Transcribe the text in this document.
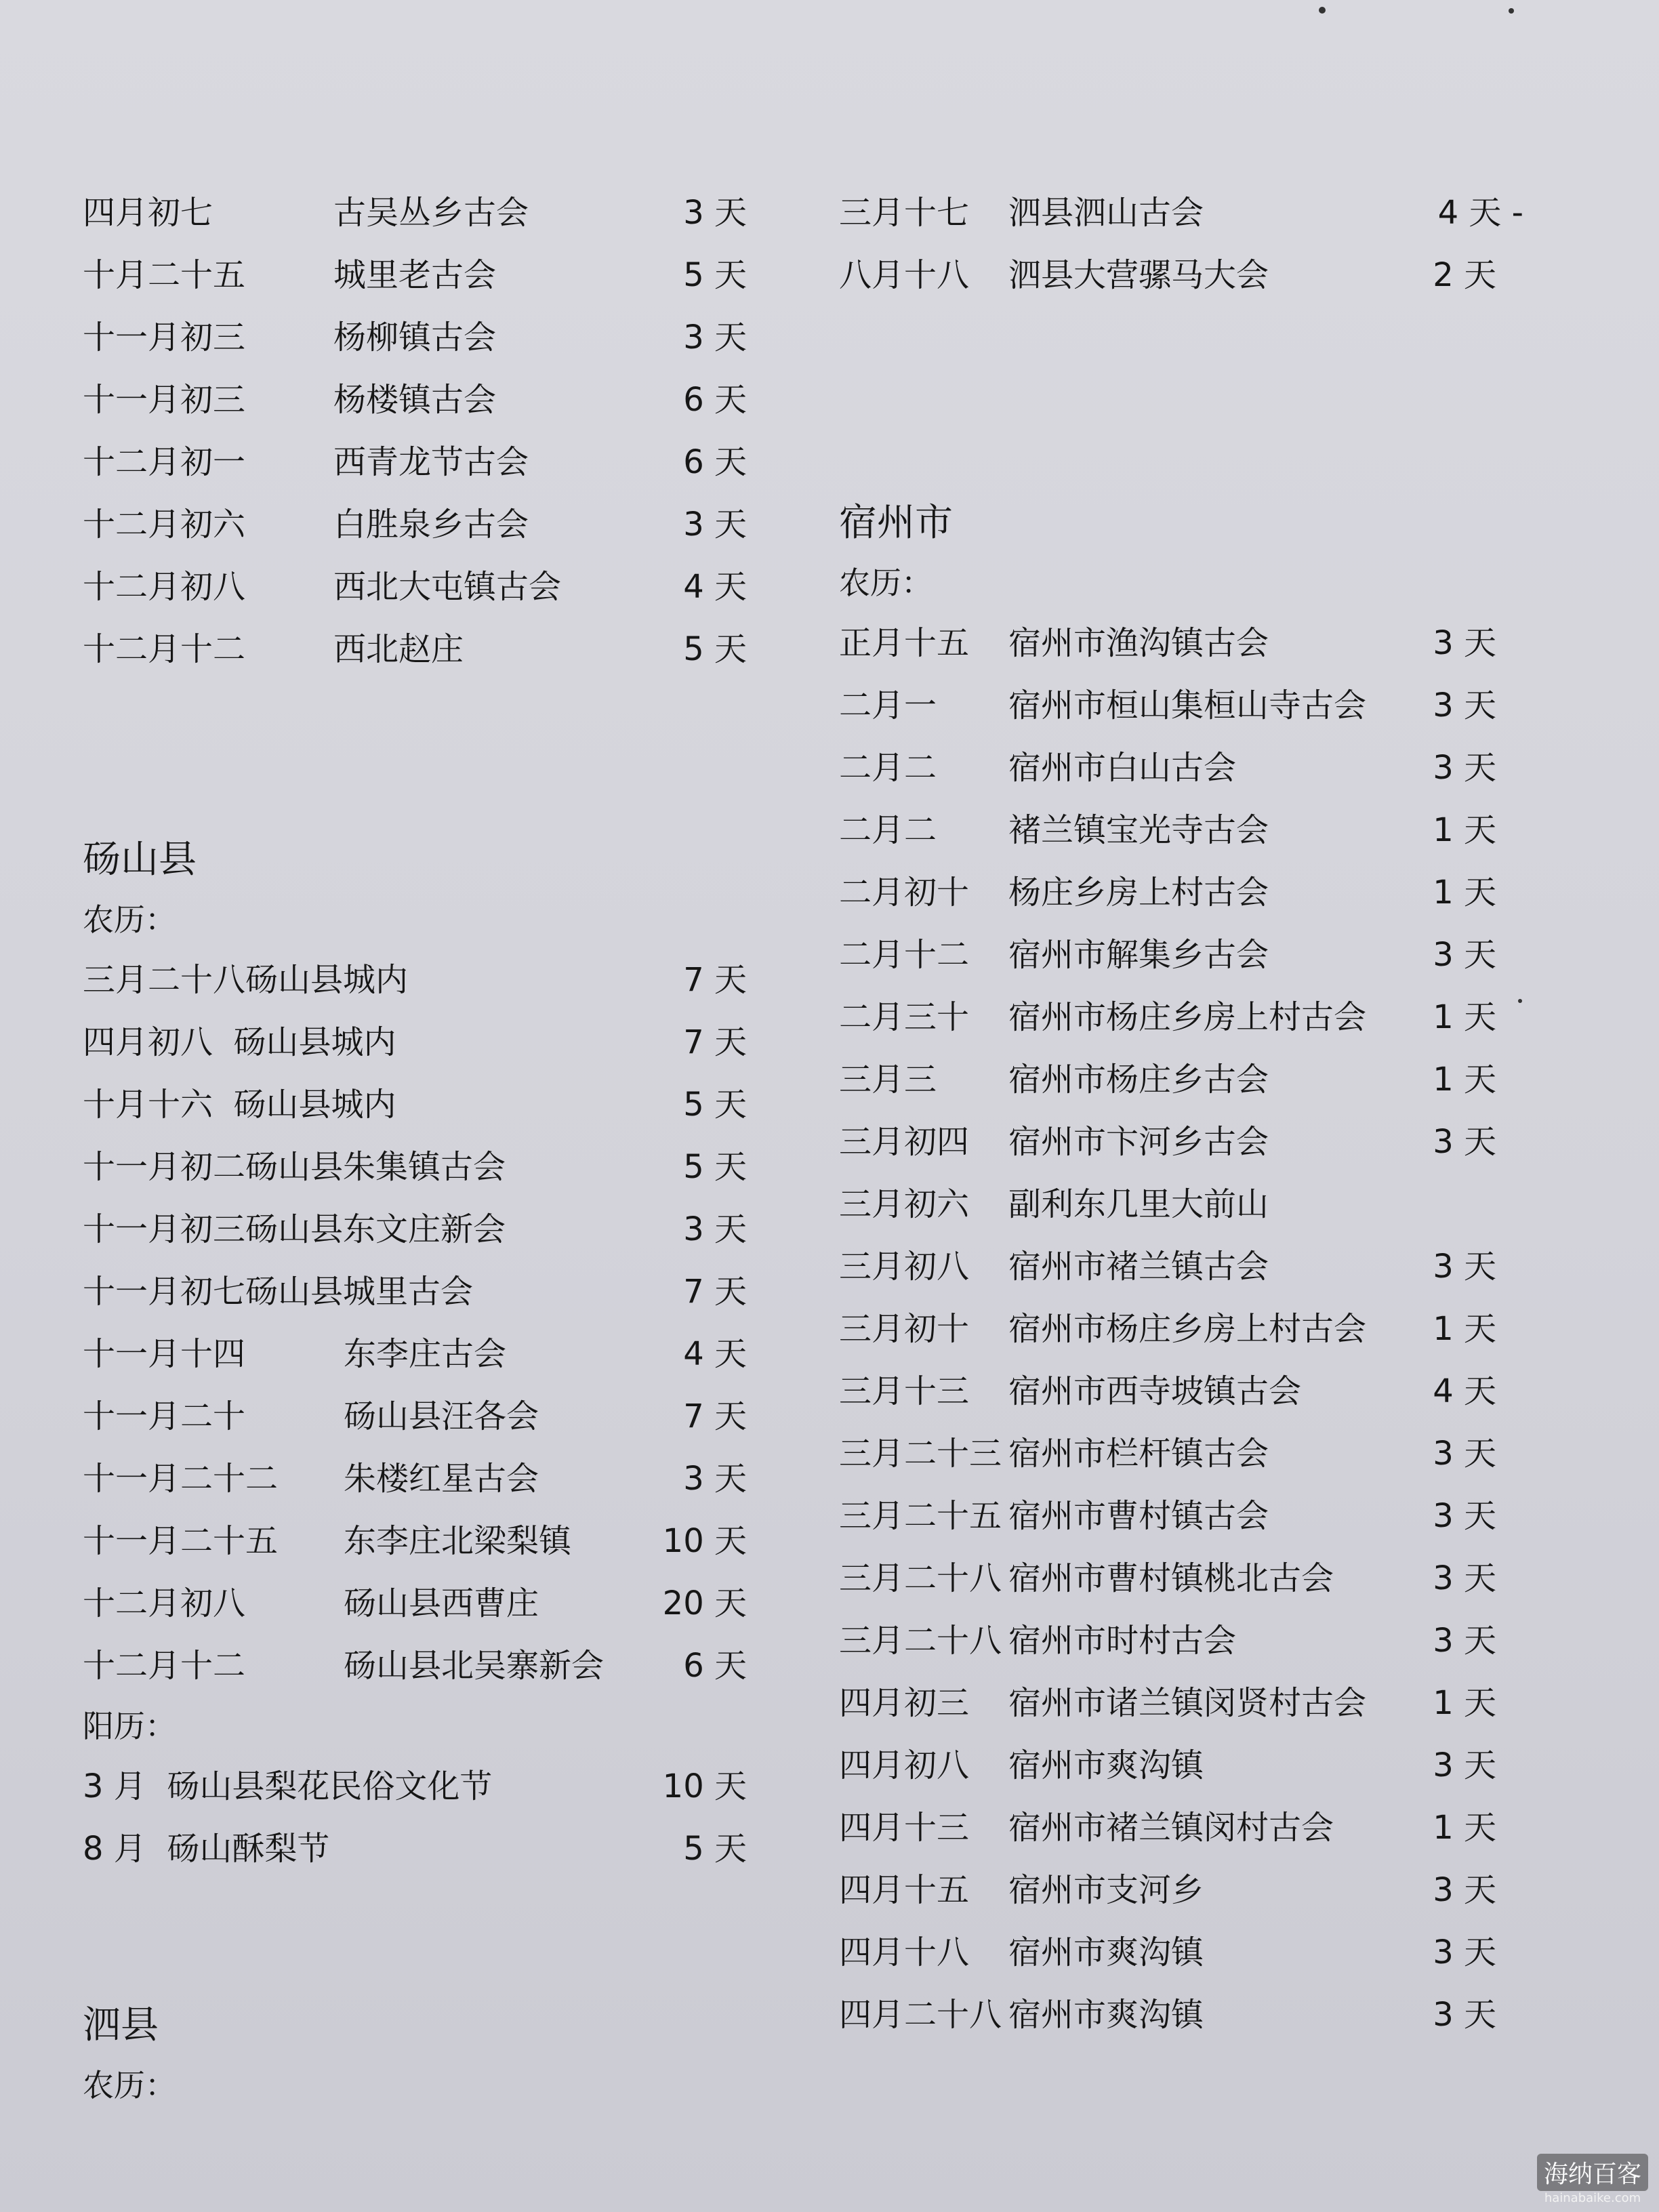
四月初七	古吴丛乡古会	3 天
十月二十五	城里老古会	5 天
十一月初三	杨柳镇古会	3 天
十一月初三	杨楼镇古会	6 天
十二月初一	西青龙节古会	6 天
十二月初六	白胜泉乡古会	3 天
十二月初八	西北大屯镇古会	4 天
十二月十二	西北赵庄	5 天
砀山县
农历：
三月二十八砀山县城内	7 天
四月初八  砀山县城内	7 天
十月十六  砀山县城内	5 天
十一月初二砀山县朱集镇古会	5 天
十一月初三砀山县东文庄新会	3 天
十一月初七砀山县城里古会	7 天
十一月十四	东李庄古会	4 天
十一月二十	砀山县汪各会	7 天
十一月二十二 朱楼红星古会	3 天
十一月二十五 东李庄北梁梨镇	10 天
十二月初八	砀山县西曹庄	20 天
十二月十二	砀山县北吴寨新会	6 天
阳历：
3 月  砀山县梨花民俗文化节	10 天
8 月  砀山酥梨节	5 天
泗县
农历：
三月十七 泗县泗山古会	4 天 -
八月十八 泗县大营骡马大会	2 天
宿州市
农历：
正月十五 宿州市渔沟镇古会	3 天
二月一 宿州市桓山集桓山寺古会	3 天
二月二 宿州市白山古会	3 天
二月二 褚兰镇宝光寺古会	1 天
二月初十 杨庄乡房上村古会	1 天
二月十二 宿州市解集乡古会	3 天
二月三十 宿州市杨庄乡房上村古会	1 天
三月三 宿州市杨庄乡古会	1 天
三月初四 宿州市卞河乡古会	3 天
三月初六 副利东几里大前山
三月初八 宿州市褚兰镇古会	3 天
三月初十 宿州市杨庄乡房上村古会	1 天
三月十三 宿州市西寺坡镇古会	4 天
三月二十三 宿州市栏杆镇古会	3 天
三月二十五 宿州市曹村镇古会	3 天
三月二十八 宿州市曹村镇桃北古会	3 天
三月二十八 宿州市时村古会	3 天
四月初三 宿州市诸兰镇闵贤村古会	1 天
四月初八 宿州市爽沟镇	3 天
四月十三 宿州市褚兰镇闵村古会	1 天
四月十五 宿州市支河乡	3 天
四月十八 宿州市爽沟镇	3 天
四月二十八 宿州市爽沟镇	3 天
海纳百客
hainabaike.com
